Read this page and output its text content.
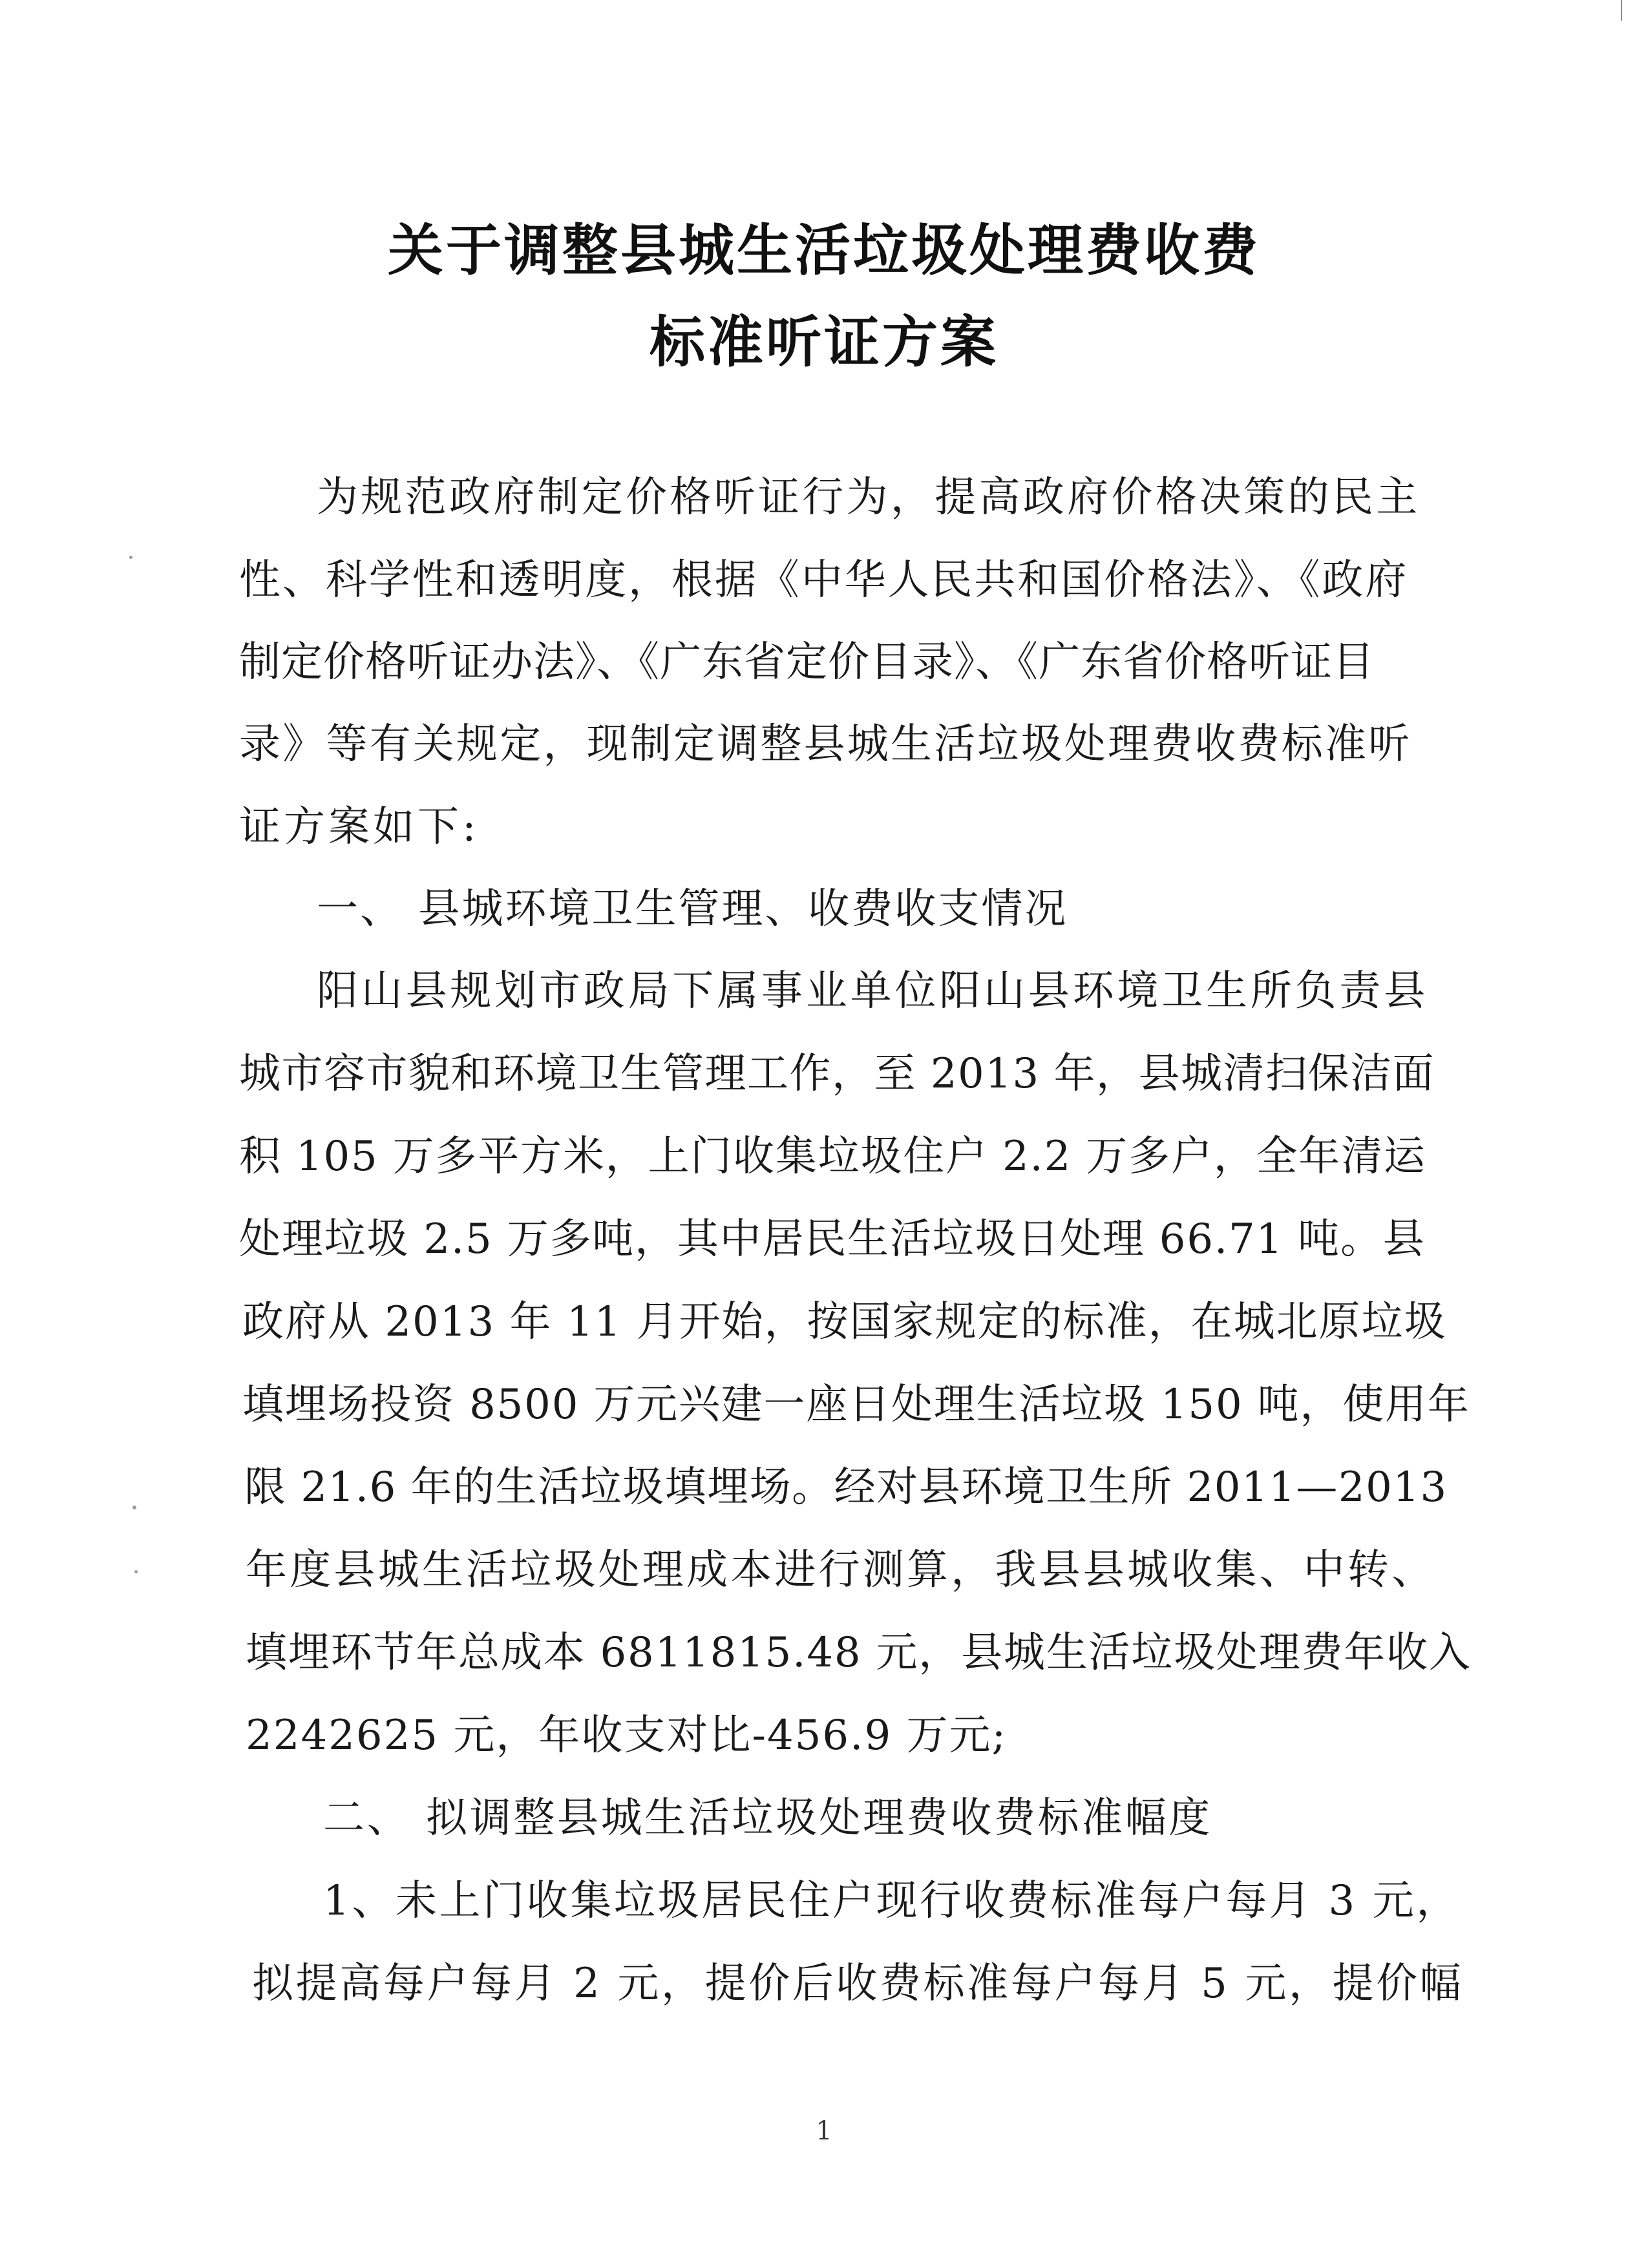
关于调整县城生活垃圾处理费收费
标准听证方案
为规范政府制定价格听证行为，提高政府价格决策的民主
性、科学性和透明度，根据《中华人民共和国价格法》、《政府
制定价格听证办法》、《广东省定价目录》、《广东省价格听证目
录》等有关规定，现制定调整县城生活垃圾处理费收费标准听
证方案如下:
一、 县城环境卫生管理、收费收支情况
阳山县规划市政局下属事业单位阳山县环境卫生所负责县
城市容市貌和环境卫生管理工作，至 2013 年，县城清扫保洁面
积 105 万多平方米，上门收集垃圾住户 2.2 万多户，全年清运
处理垃圾 2.5 万多吨，其中居民生活垃圾日处理 66.71 吨。县
政府从 2013 年 11 月开始，按国家规定的标准，在城北原垃圾
填埋场投资 8500 万元兴建一座日处理生活垃圾 150 吨，使用年
限 21.6 年的生活垃圾填埋场。经对县环境卫生所 2011—2013
年度县城生活垃圾处理成本进行测算，我县县城收集、中转、
填埋环节年总成本 6811815.48 元，县城生活垃圾处理费年收入
2242625 元，年收支对比-456.9 万元;
二、 拟调整县城生活垃圾处理费收费标准幅度
1、未上门收集垃圾居民住户现行收费标准每户每月 3 元，
拟提高每户每月 2 元，提价后收费标准每户每月 5 元，提价幅
1
